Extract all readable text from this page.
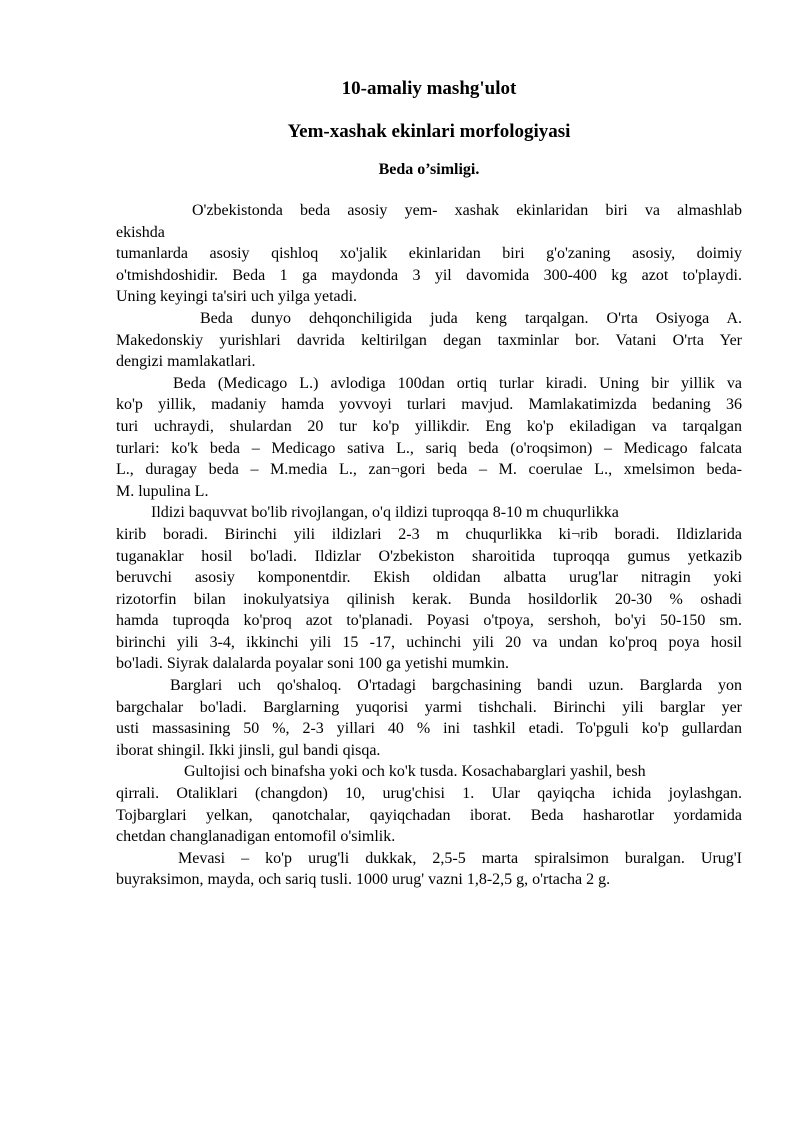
10-amaliy mashg'ulot
Yem-xashak ekinlari morfologiyasi
Beda o’simligi.
O'zbekistonda beda asosiy yem- xashak ekinlaridan biri va almashlab
ekishda
tumanlarda asosiy qishloq xo'jalik ekinlaridan biri g'o'zaning asosiy, doimiy
o'tmishdoshidir. Beda 1 ga maydonda 3 yil davomida 300-400 kg azot to'playdi.
Uning keyingi ta'siri uch yilga yetadi.
Beda dunyo dehqonchiligida juda keng tarqalgan. O'rta Osiyoga A.
Makedonskiy yurishlari davrida keltirilgan degan taxminlar bor. Vatani O'rta Yer
dengizi mamlakatlari.
Beda (Medicago L.) avlodiga 100dan ortiq turlar kiradi. Uning bir yillik va
ko'p yillik, madaniy hamda yovvoyi turlari mavjud. Mamlakatimizda bedaning 36
turi uchraydi, shulardan 20 tur ko'p yillikdir. Eng ko'p ekiladigan va tarqalgan
turlari: ko'k beda – Medicago sativa L., sariq beda (o'roqsimon) – Medicago falcata
L., duragay beda – M.media L., zan¬gori beda – M. coerulae L., xmelsimon beda-
M. lupulina L.
Ildizi baquvvat bo'lib rivojlangan, o'q ildizi tuproqqa 8-10 m chuqurlikka
kirib boradi. Birinchi yili ildizlari 2-3 m chuqurlikka ki¬rib boradi. Ildizlarida
tuganaklar hosil bo'ladi. Ildizlar O'zbekiston sharoitida tuproqqa gumus yetkazib
beruvchi asosiy komponentdir. Ekish oldidan albatta urug'lar nitragin yoki
rizotorfin bilan inokulyatsiya qilinish kerak. Bunda hosildorlik 20-30 % oshadi
hamda tuproqda ko'proq azot to'planadi. Poyasi o'tpoya, sershoh, bo'yi 50-150 sm.
birinchi yili 3-4, ikkinchi yili 15 -17, uchinchi yili 20 va undan ko'proq poya hosil
bo'ladi. Siyrak dalalarda poyalar soni 100 ga yetishi mumkin.
Barglari uch qo'shaloq. O'rtadagi bargchasining bandi uzun. Barglarda yon
bargchalar bo'ladi. Barglarning yuqorisi yarmi tishchali. Birinchi yili barglar yer
usti massasining 50 %, 2-3 yillari 40 % ini tashkil etadi. To'pguli ko'p gullardan
iborat shingil. Ikki jinsli, gul bandi qisqa.
Gultojisi och binafsha yoki och ko'k tusda. Kosachabarglari yashil, besh
qirrali. Otaliklari (changdon) 10, urug'chisi 1. Ular qayiqcha ichida joylashgan.
Tojbarglari yelkan, qanotchalar, qayiqchadan iborat. Beda hasharotlar yordamida
chetdan changlanadigan entomofil o'simlik.
Mevasi – ko'p urug'li dukkak, 2,5-5 marta spiralsimon buralgan. Urug'I
buyraksimon, mayda, och sariq tusli. 1000 urug' vazni 1,8-2,5 g, o'rtacha 2 g.
